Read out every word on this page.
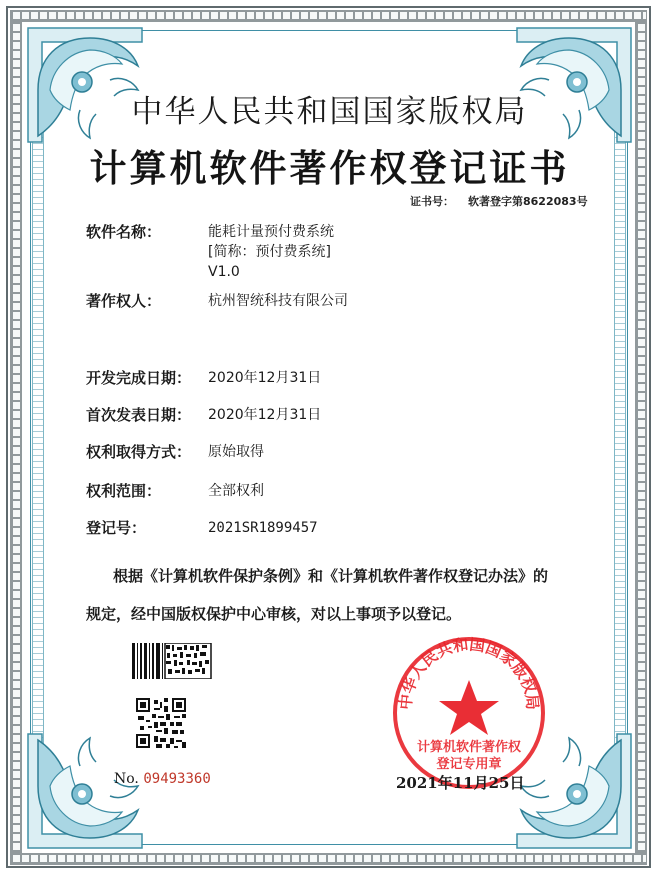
中华人民共和国国家版权局
计算机软件著作权登记证书
证书号： 软著登字第8622083号
软件名称：	能耗计量预付费系统
[简称：预付费系统]
V1.0
著作权人：	杭州智统科技有限公司
开发完成日期： 2020年12月31日
首次发表日期： 2020年12月31日
权利取得方式： 原始取得
权利范围：	全部权利
登记号：	2021SR1899457
根据《计算机软件保护条例》和《计算机软件著作权登记办法》的
规定，经中国版权保护中心审核，对以上事项予以登记。
No. 09493360
中华人民共和国国家版权局
计算机软件著作权
登记专用章
2021年11月25日
